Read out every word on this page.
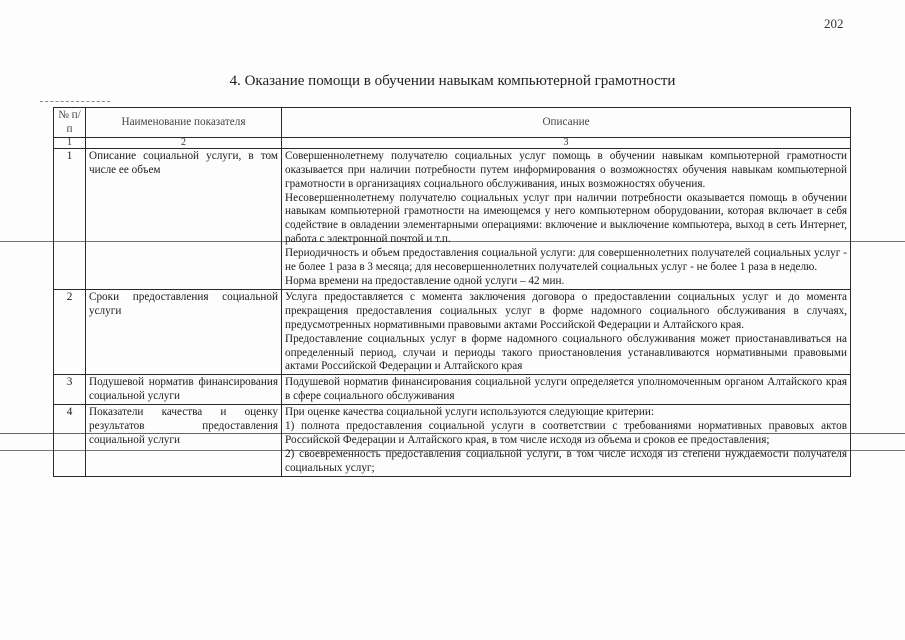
202
4. Оказание помощи в обучении навыкам компьютерной грамотности
№ п/п	Наименование показателя	Описание
1	2	3
1	Описание социальной услуги, в том числе ее объем	Совершеннолетнему получателю социальных услуг помощь в обучении навыкам компьютерной грамотности оказывается при наличии потребности путем информирования о возможностях обучения навыкам компьютерной грамотности в организациях социального обслуживания, иных возможностях обучения.

Несовершеннолетнему получателю социальных услуг при наличии потребности оказывается помощь в обучении навыкам компьютерной грамотности на имеющемся у него компьютерном оборудовании, которая включает в себя содействие в овладении элементарными операциями: включение и выключение компьютера, выход в сеть Интернет, работа с электронной почтой и т.п.

Периодичность и объем предоставления социальной услуги: для совершеннолетних получателей социальных услуг - не более 1 раза в 3 месяца; для несовершеннолетних получателей социальных услуг - не более 1 раза в неделю.

Норма времени на предоставление одной услуги – 42 мин.

2	Сроки предоставления социальной услуги	Услуга предоставляется с момента заключения договора о предоставлении социальных услуг и до момента прекращения предоставления социальных услуг в форме надомного социального обслуживания в случаях, предусмотренных нормативными правовыми актами Российской Федерации и Алтайского края.

Предоставление социальных услуг в форме надомного социального обслуживания может приостанавливаться на определенный период, случаи и периоды такого приостановления устанавливаются нормативными правовыми актами Российской Федерации и Алтайского края

3	Подушевой норматив финансирования социальной услуги	Подушевой норматив финансирования социальной услуги определяется уполномоченным органом Алтайского края в сфере социального обслуживания

4	Показатели качества и оценку результатов предоставления социальной услуги	При оценке качества социальной услуги используются следующие критерии:

1) полнота предоставления социальной услуги в соответствии с требованиями нормативных правовых актов Российской Федерации и Алтайского края, в том числе исходя из объема и сроков ее предоставления;

2) своевременность предоставления социальной услуги, в том числе исходя из степени нуждаемости получателя социальных услуг;
